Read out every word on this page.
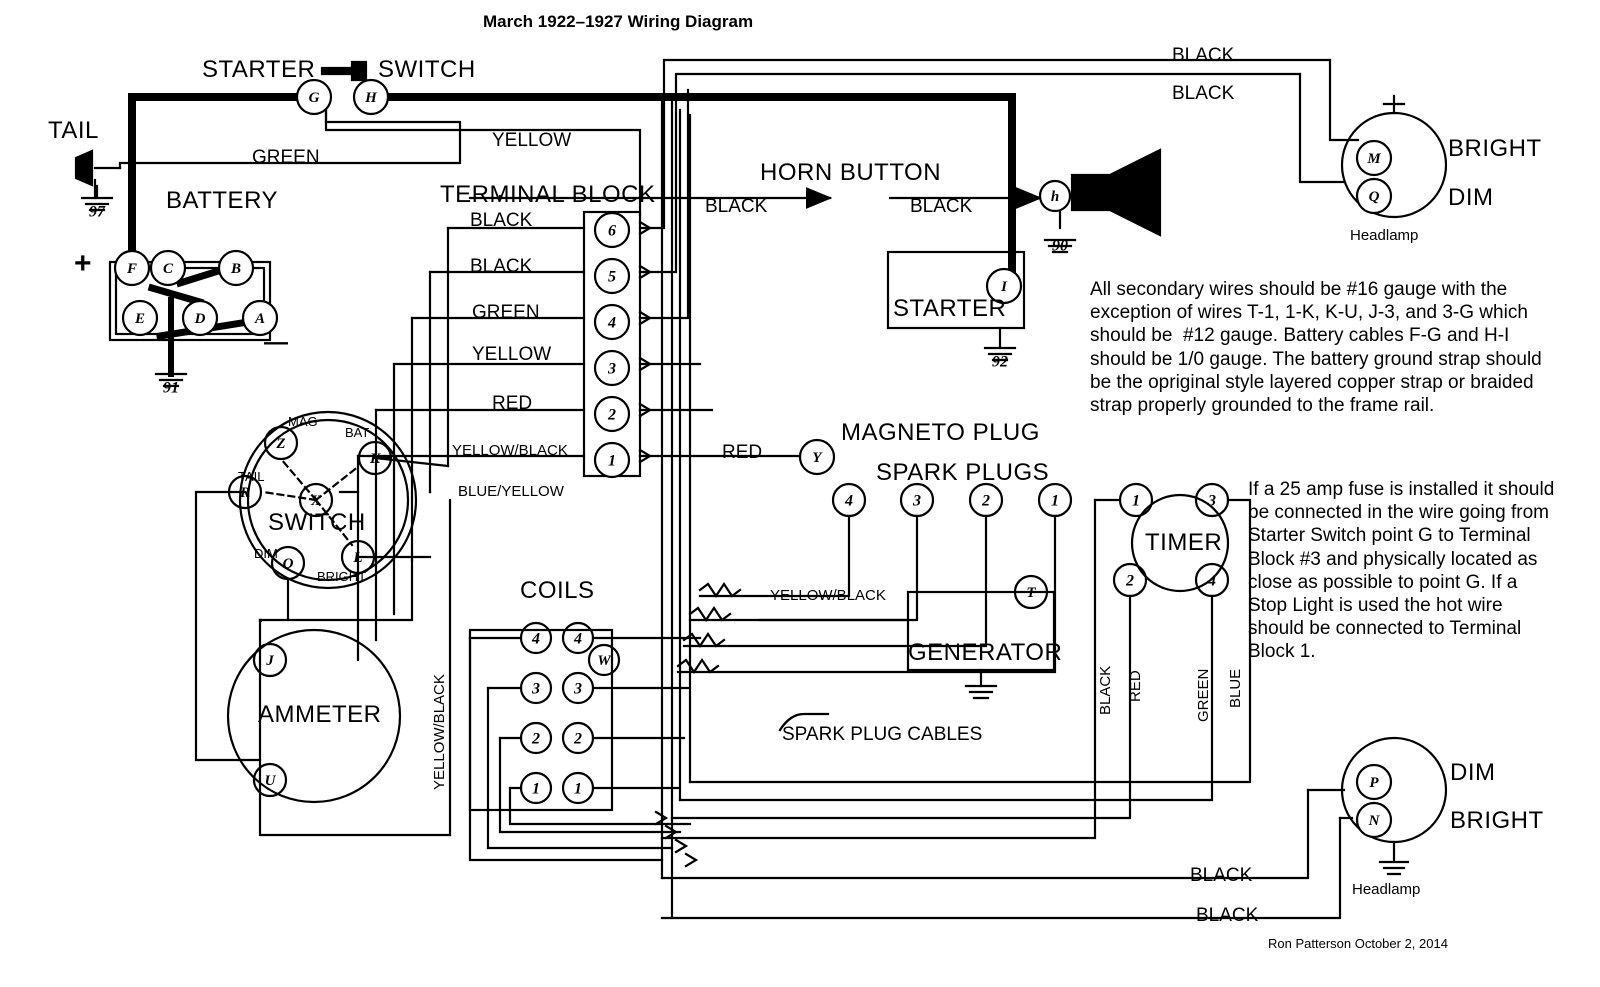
G	H
S
F C	B
E	D	A
6
5
4
3
2
1
M
Q
P
N
h
I
Y
4	3	2	1	1	3
2	4
T
Z
K
R	X
O	L
J
U
4 4
3 3
2 2
1 1
W
97
91
92
90
March 1922–1927 Wiring Diagram
STARTER	SWITCH
TAIL
BATTERY
+
—
TERMINAL BLOCK
HORN BUTTON
STARTER
BRIGHT
DIM
Headlamp
DIM
BRIGHT
Headlamp
MAGNETO PLUG
SPARK PLUGS
TIMER
SWITCH
AMMETER
COILS
GENERATOR
SPARK PLUG CABLES
MAG
BAT
TAIL
DIM
BRIGHT
BLACK
BLACK
YELLOW
GREEN
BLACK
BLACK
GREEN
YELLOW
RED
YELLOW/BLACK
BLUE/YELLOW
BLACK	BLACK
RED
YELLOW/BLACK
YELLOW/BLACK	BLACK RED	GREEN BLUE
BLACK
BLACK
All secondary wires should be #16 gauge with the exception of wires T-1, 1-K, K-U, J-3, and 3-G which should be  #12 gauge. Battery cables F-G and H-I should be 1/0 gauge. The battery ground strap should be the opriginal style layered copper strap or braided strap properly grounded to the frame rail.
If a 25 amp fuse is installed it should be connected in the wire going from Starter Switch point G to Terminal Block #3 and physically located as close as possible to point G. If a Stop Light is used the hot wire should be connected to Terminal Block 1.
Ron Patterson October 2, 2014
